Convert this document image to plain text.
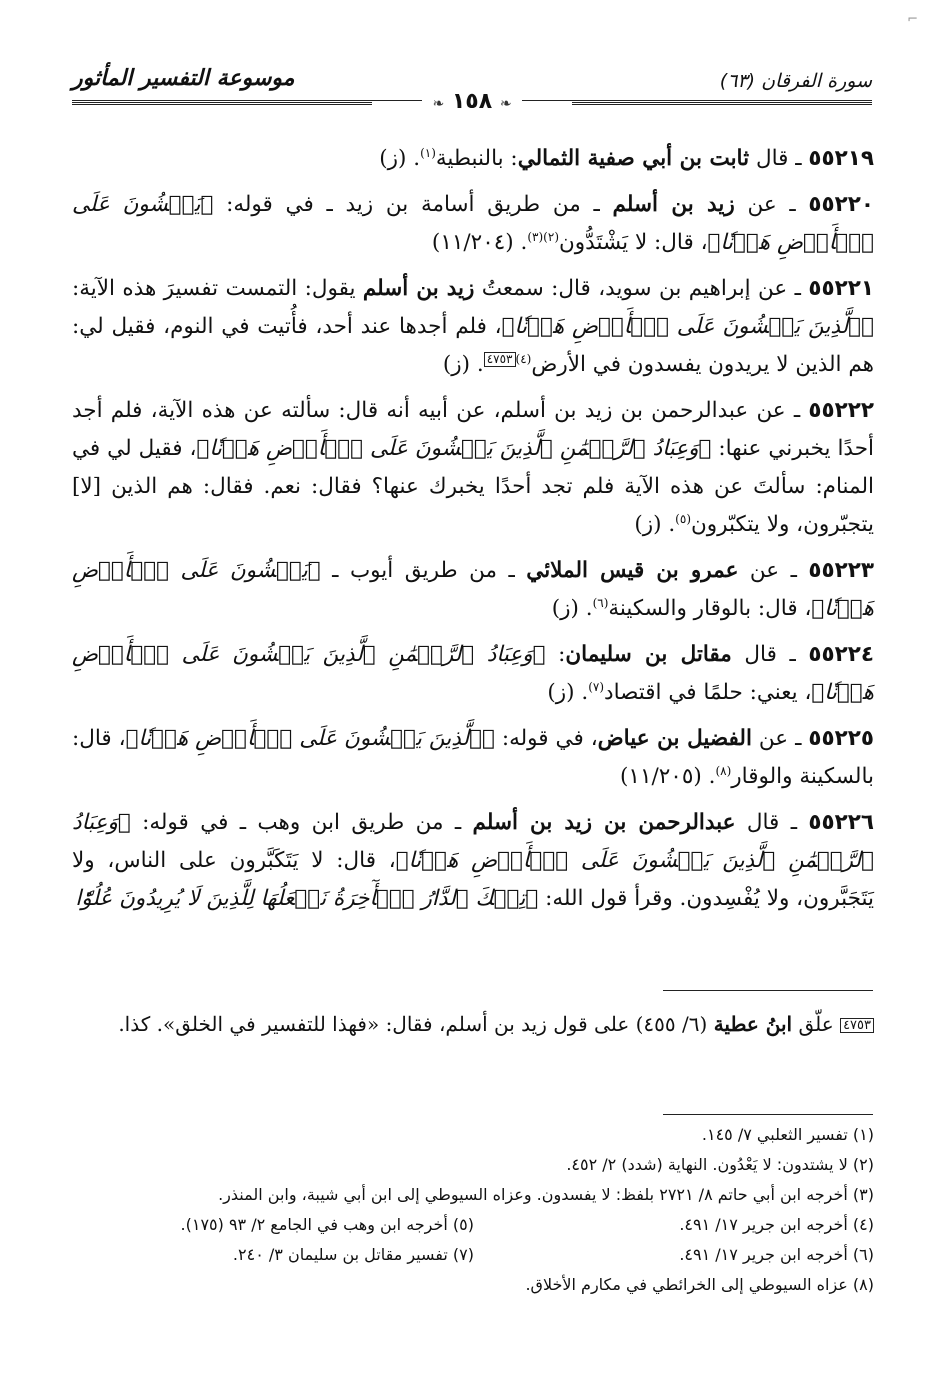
⌐
سورة الفرقان (٦٣)
موسوعة التفسير المأثور
❧ ١٥٨ ❧

٥٥٢١٩ ـ قال ثابت بن أبي صفية الثمالي: بالنبطية$^{(١)}$. (ز)

٥٥٢٢٠ ـ عن زيد بن أسلم ـ من طريق أسامة بن زيد ـ في قوله: ﴿يَمۡشُونَ عَلَى ٱلۡأَرۡضِ هَوۡنٗا﴾، قال: لا يَشْتَدُّون$^{(٢)(٣)}$. (١١/٢٠٤)

٥٥٢٢١ ـ عن إبراهيم بن سويد، قال: سمعتُ زيد بن أسلم يقول: التمست تفسيرَ هذه الآية: ﴿ٱلَّذِينَ يَمۡشُونَ عَلَى ٱلۡأَرۡضِ هَوۡنٗا﴾، فلم أجدها عند أحد، فأُتيت في النوم، فقيل لي: هم الذين لا يريدون يفسدون في الأرض$^{(٤)}$٤٧٥٣. (ز)

٥٥٢٢٢ ـ عن عبدالرحمن بن زيد بن أسلم، عن أبيه أنه قال: سألته عن هذه الآية، فلم أجد أحدًا يخبرني عنها: ﴿وَعِبَادُ ٱلرَّحۡمَٰنِ ٱلَّذِينَ يَمۡشُونَ عَلَى ٱلۡأَرۡضِ هَوۡنٗا﴾، فقيل لي في المنام: سألتَ عن هذه الآية فلم تجد أحدًا يخبرك عنها؟ فقال: نعم. فقال: هم الذين [لا] يتجبّرون، ولا يتكبّرون$^{(٥)}$. (ز)

٥٥٢٢٣ ـ عن عمرو بن قيس الملائي ـ من طريق أيوب ـ ﴿يَمۡشُونَ عَلَى ٱلۡأَرۡضِ هَوۡنٗا﴾، قال: بالوقار والسكينة$^{(٦)}$. (ز)

٥٥٢٢٤ ـ قال مقاتل بن سليمان: ﴿وَعِبَادُ ٱلرَّحۡمَٰنِ ٱلَّذِينَ يَمۡشُونَ عَلَى ٱلۡأَرۡضِ هَوۡنٗا﴾، يعني: حلمًا في اقتصاد$^{(٧)}$. (ز)

٥٥٢٢٥ ـ عن الفضيل بن عياض، في قوله: ﴿ٱلَّذِينَ يَمۡشُونَ عَلَى ٱلۡأَرۡضِ هَوۡنٗا﴾، قال: بالسكينة والوقار$^{(٨)}$. (١١/٢٠٥)

٥٥٢٢٦ ـ قال عبدالرحمن بن زيد بن أسلم ـ من طريق ابن وهب ـ في قوله: ﴿وَعِبَادُ ٱلرَّحۡمَٰنِ ٱلَّذِينَ يَمۡشُونَ عَلَى ٱلۡأَرۡضِ هَوۡنٗا﴾، قال: لا يَتَكَبَّرون على الناس، ولا يَتَجَبَّرون، ولا يُفْسِدون. وقرأ قول الله: ﴿تِلۡكَ ٱلدَّارُ ٱلۡأٓخِرَةُ نَجۡعَلُهَا لِلَّذِينَ لَا يُرِيدُونَ عُلُوّٗا

٤٧٥٣ علّق ابنُ عطية (٦/ ٤٥٥) على قول زيد بن أسلم، فقال: «فهذا للتفسير في الخلق». كذا.
(١) تفسير الثعلبي ٧/ ١٤٥.
(٢) لا يشتدون: لا يَعْدُون. النهاية (شدد) ٢/ ٤٥٢.
(٣) أخرجه ابن أبي حاتم ٨/ ٢٧٢١ بلفظ: لا يفسدون. وعزاه السيوطي إلى ابن أبي شيبة، وابن المنذر.
(٤) أخرجه ابن جرير ١٧/ ٤٩١.(٥) أخرجه ابن وهب في الجامع ٢/ ٩٣ (١٧٥).
(٦) أخرجه ابن جرير ١٧/ ٤٩١.(٧) تفسير مقاتل بن سليمان ٣/ ٢٤٠.
(٨) عزاه السيوطي إلى الخرائطي في مكارم الأخلاق.
